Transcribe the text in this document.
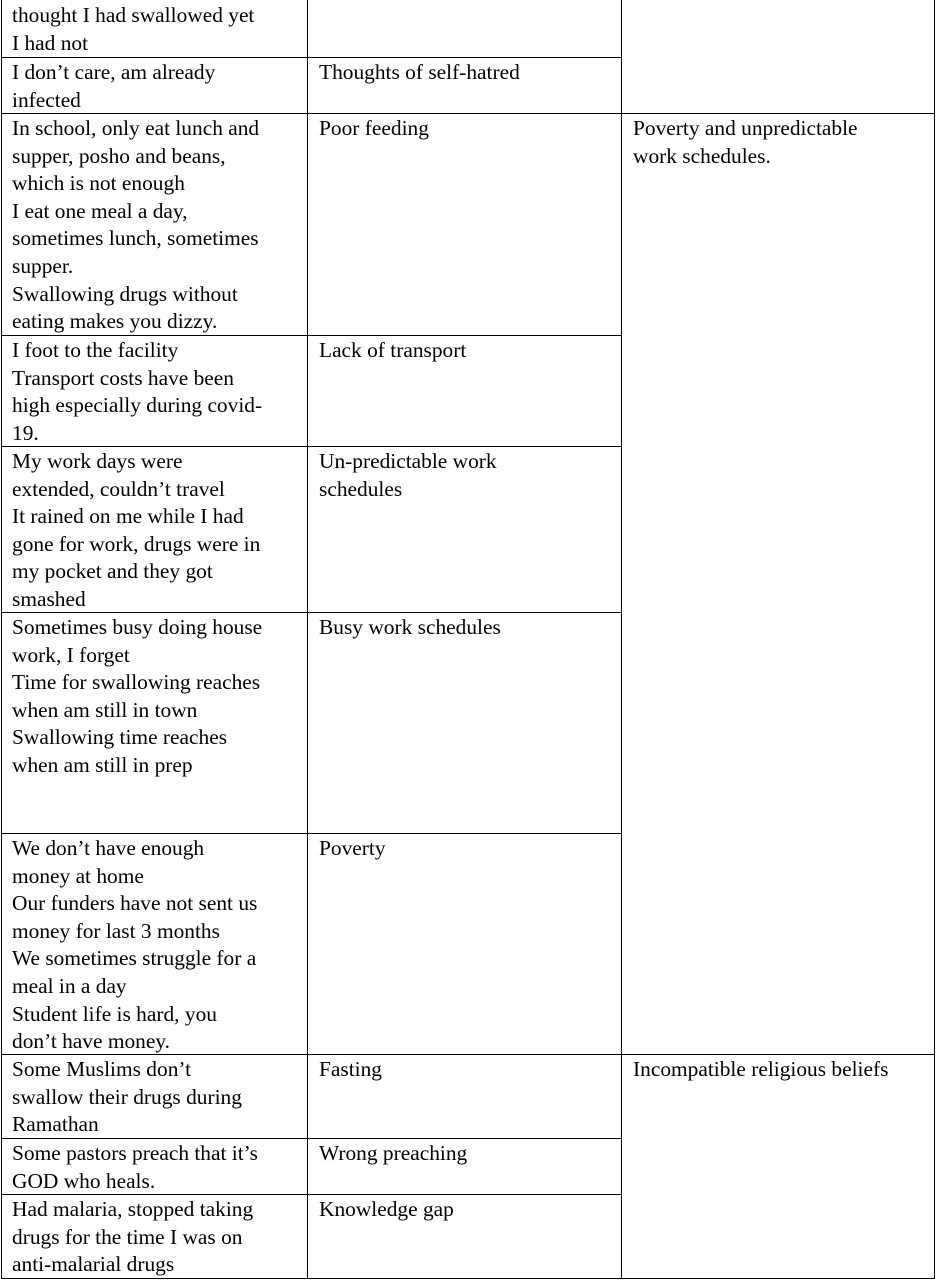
thought I had swallowed yet
I had not
I don’t care, am already
infected
In school, only eat lunch and
supper, posho and beans,
which is not enough
I eat one meal a day,
sometimes lunch, sometimes
supper.
Swallowing drugs without
eating makes you dizzy.
I foot to the facility
Transport costs have been
high especially during covid-
19.
My work days were
extended, couldn’t travel
It rained on me while I had
gone for work, drugs were in
my pocket and they got
smashed
Sometimes busy doing house
work, I forget
Time for swallowing reaches
when am still in town
Swallowing time reaches
when am still in prep
We don’t have enough
money at home
Our funders have not sent us
money for last 3 months
We sometimes struggle for a
meal in a day
Student life is hard, you
don’t have money.
Some Muslims don’t
swallow their drugs during
Ramathan
Some pastors preach that it’s
GOD who heals.
Had malaria, stopped taking
drugs for the time I was on
anti-malarial drugs
Thoughts of self-hatred
Poor feeding
Lack of transport
Un-predictable work
schedules
Busy work schedules
Poverty
Fasting
Wrong preaching
Knowledge gap
Poverty and unpredictable
work schedules.
Incompatible religious beliefs
